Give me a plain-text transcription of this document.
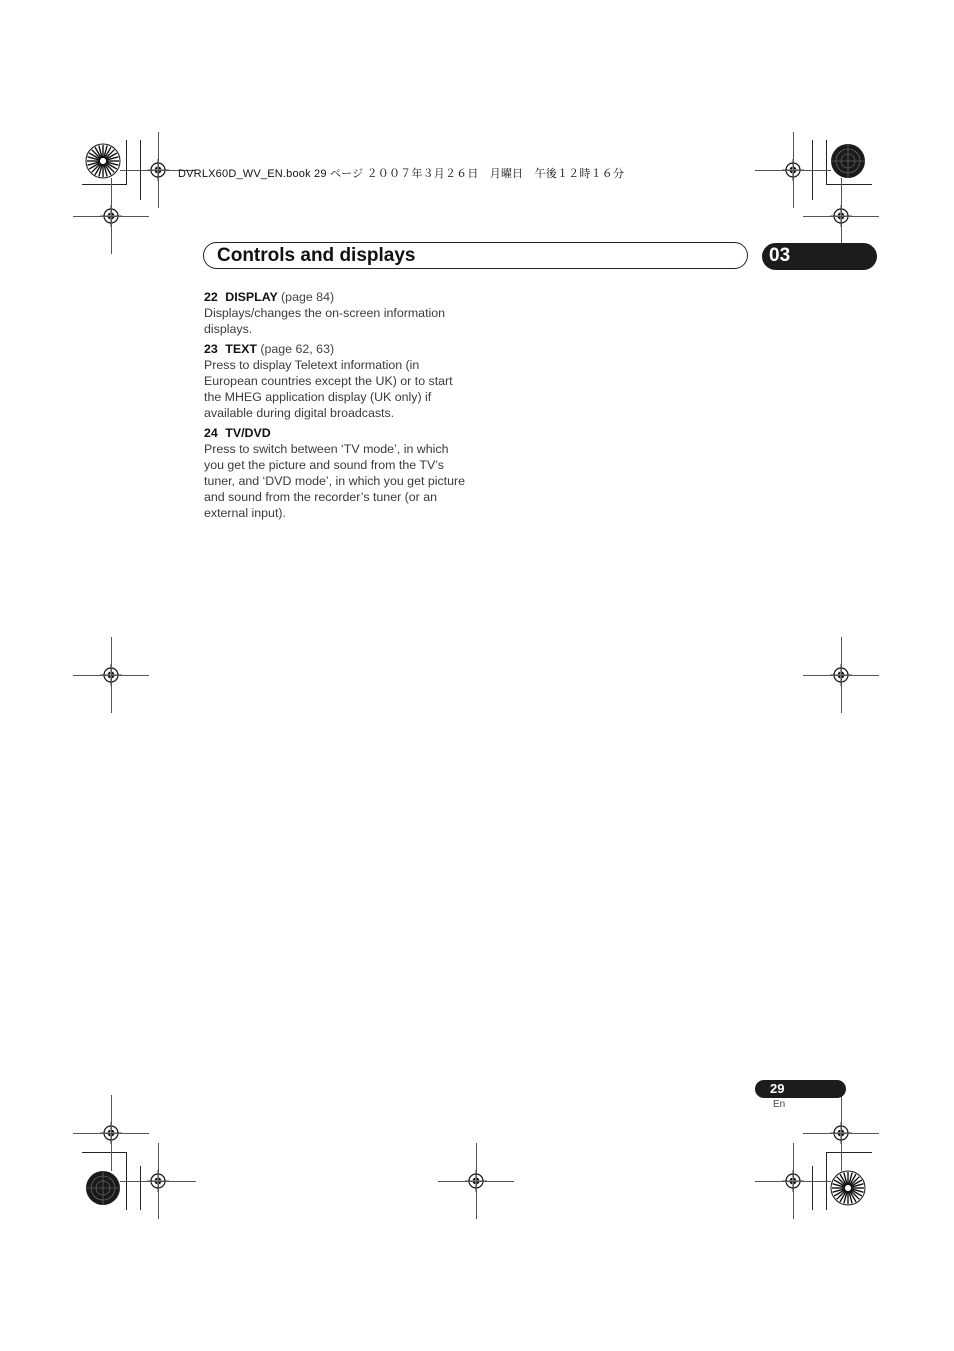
DVRLX60D_WV_EN.book 29 ページ ２００７年３月２６日　月曜日　午後１２時１６分
Controls and displays	03
22 DISPLAY (page 84)

Displays/changes the on-screen information displays.

23 TEXT (page 62, 63)

Press to display Teletext information (in European countries except the UK) or to start the MHEG application display (UK only) if available during digital broadcasts.

24 TV/DVD

Press to switch between ‘TV mode’, in which you get the picture and sound from the TV’s tuner, and ‘DVD mode’, in which you get picture and sound from the recorder’s tuner (or an external input).

29
En
